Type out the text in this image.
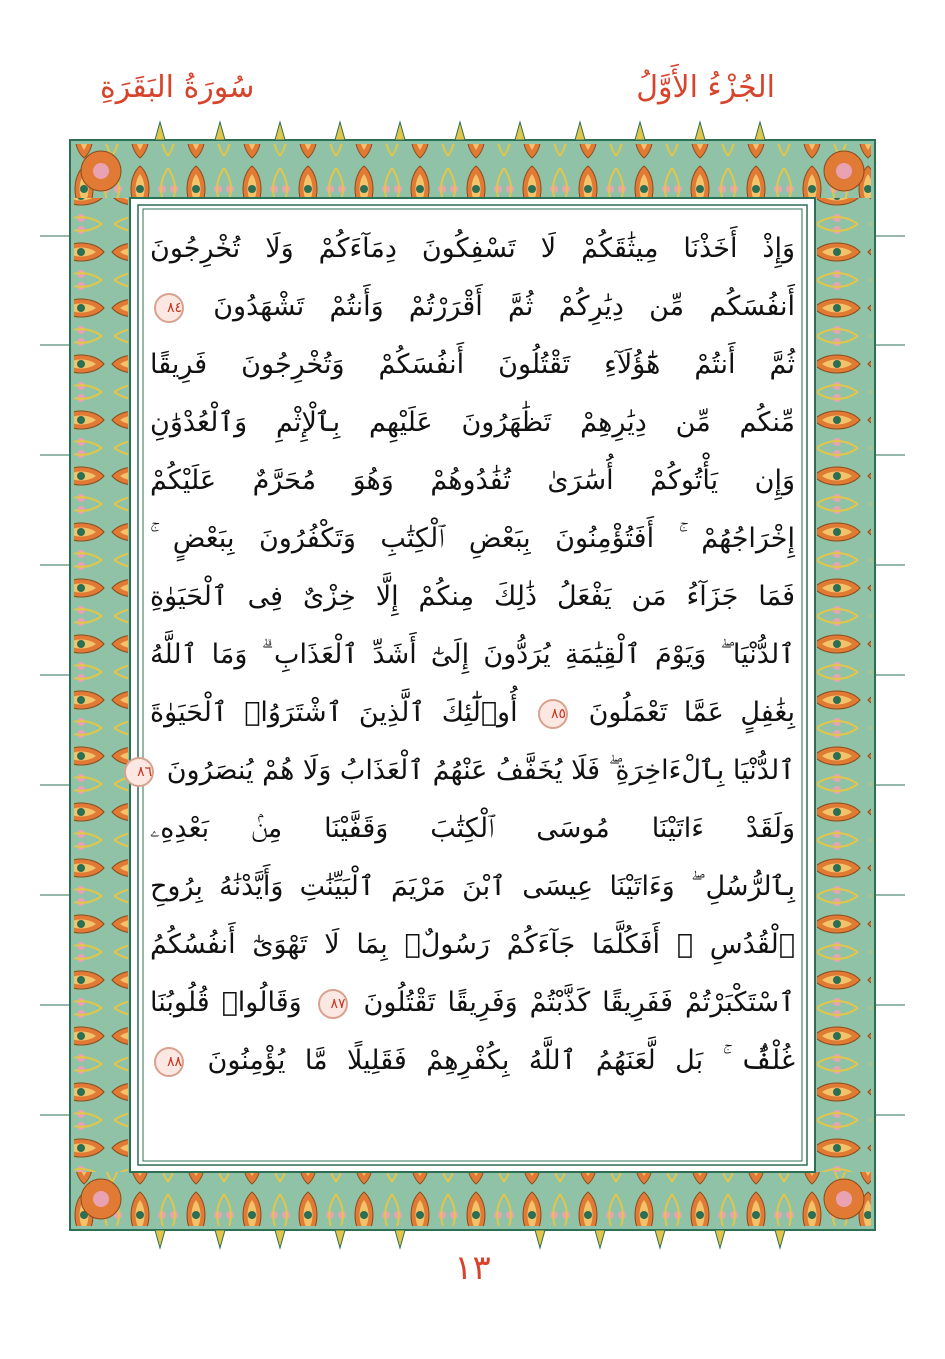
الجُزْءُ الأَوَّلُ
سُورَةُ البَقَرَةِ
وَإِذْ أَخَذْنَا مِيثَٰقَكُمْ لَا تَسْفِكُونَ دِمَآءَكُمْ وَلَا تُخْرِجُونَ
أَنفُسَكُم مِّن دِيَٰرِكُمْ ثُمَّ أَقْرَرْتُمْ وَأَنتُمْ تَشْهَدُونَ ٨٤
ثُمَّ أَنتُمْ هَٰٓؤُلَآءِ تَقْتُلُونَ أَنفُسَكُمْ وَتُخْرِجُونَ فَرِيقًا
مِّنكُم مِّن دِيَٰرِهِمْ تَظَٰهَرُونَ عَلَيْهِم بِٱلْإِثْمِ وَٱلْعُدْوَٰنِ
وَإِن يَأْتُوكُمْ أُسَٰرَىٰ تُفَٰدُوهُمْ وَهُوَ مُحَرَّمٌ عَلَيْكُمْ
إِخْرَاجُهُمْ ۚ أَفَتُؤْمِنُونَ بِبَعْضِ ٱلْكِتَٰبِ وَتَكْفُرُونَ بِبَعْضٍ ۚ
فَمَا جَزَآءُ مَن يَفْعَلُ ذَٰلِكَ مِنكُمْ إِلَّا خِزْىٌ فِى ٱلْحَيَوٰةِ
ٱلدُّنْيَا ۖ وَيَوْمَ ٱلْقِيَٰمَةِ يُرَدُّونَ إِلَىٰٓ أَشَدِّ ٱلْعَذَابِ ۗ وَمَا ٱللَّهُ
بِغَٰفِلٍ عَمَّا تَعْمَلُونَ ٨٥ أُو۟لَٰٓئِكَ ٱلَّذِينَ ٱشْتَرَوُا۟ ٱلْحَيَوٰةَ
ٱلدُّنْيَا بِٱلْءَاخِرَةِ ۖ فَلَا يُخَفَّفُ عَنْهُمُ ٱلْعَذَابُ وَلَا هُمْ يُنصَرُونَ ٨٦
وَلَقَدْ ءَاتَيْنَا مُوسَى ٱلْكِتَٰبَ وَقَفَّيْنَا مِنۢ بَعْدِهِۦ
بِٱلرُّسُلِ ۖ وَءَاتَيْنَا عِيسَى ٱبْنَ مَرْيَمَ ٱلْبَيِّنَٰتِ وَأَيَّدْنَٰهُ بِرُوحِ
ٱلْقُدُسِ ۗ أَفَكُلَّمَا جَآءَكُمْ رَسُولٌۢ بِمَا لَا تَهْوَىٰٓ أَنفُسُكُمُ
ٱسْتَكْبَرْتُمْ فَفَرِيقًا كَذَّبْتُمْ وَفَرِيقًا تَقْتُلُونَ ٨٧ وَقَالُوا۟ قُلُوبُنَا
غُلْفٌۢ ۚ بَل لَّعَنَهُمُ ٱللَّهُ بِكُفْرِهِمْ فَقَلِيلًا مَّا يُؤْمِنُونَ ٨٨
١٣
